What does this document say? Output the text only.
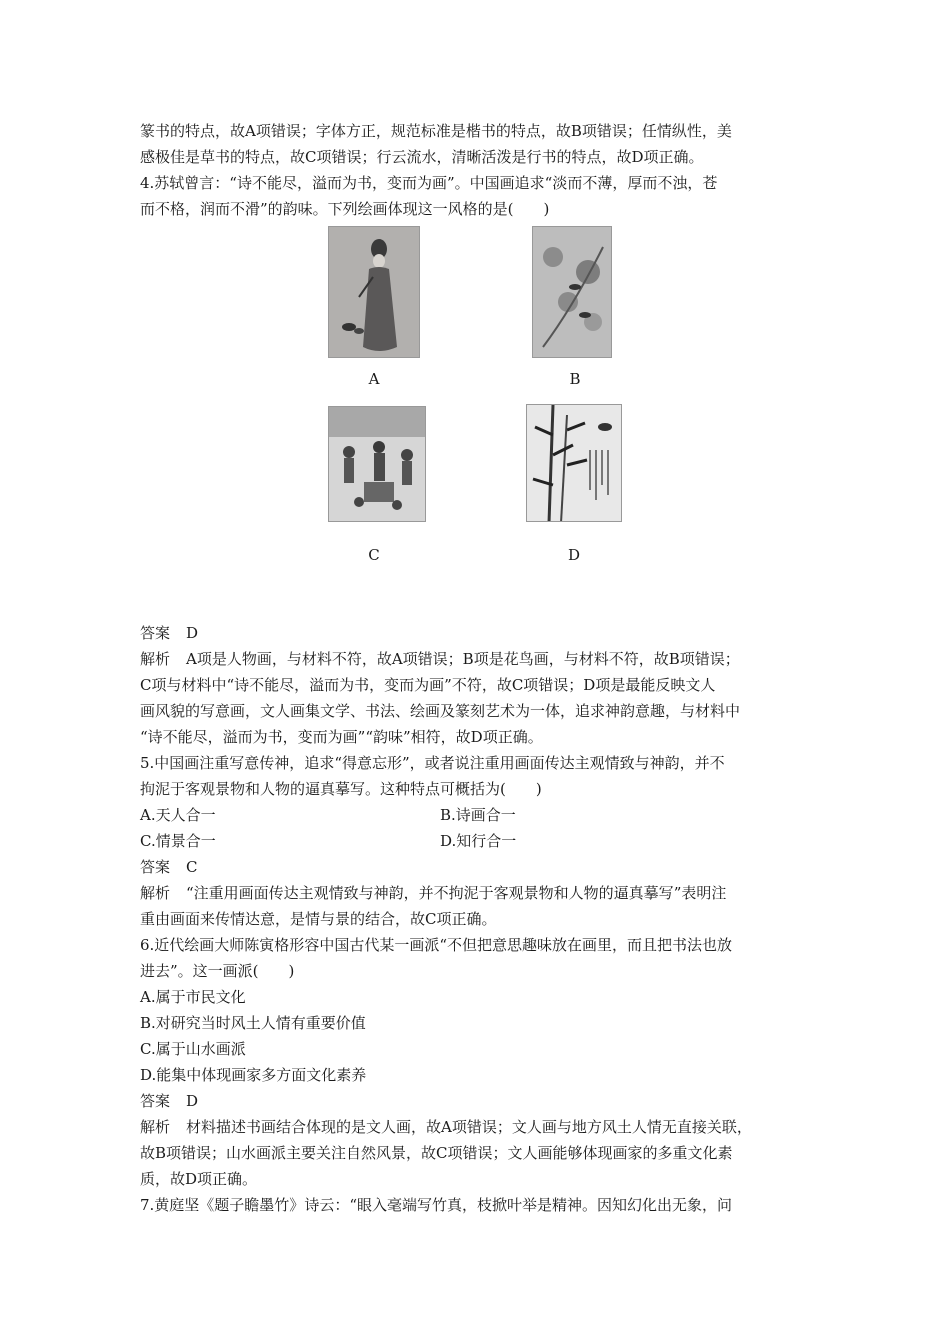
篆书的特点，故A项错误；字体方正，规范标准是楷书的特点，故B项错误；任情纵性，美
感极佳是草书的特点，故C项错误；行云流水，清晰活泼是行书的特点，故D项正确。
4.苏轼曾言：“诗不能尽，溢而为书，变而为画”。中国画追求“淡而不薄，厚而不浊，苍
而不格，润而不滑”的韵味。下列绘画体现这一风格的是(　　)
A	B
C	D
答案 D
解析 A项是人物画，与材料不符，故A项错误；B项是花鸟画，与材料不符，故B项错误；
C项与材料中“诗不能尽，溢而为书，变而为画”不符，故C项错误；D项是最能反映文人
画风貌的写意画，文人画集文学、书法、绘画及篆刻艺术为一体，追求神韵意趣，与材料中
“诗不能尽，溢而为书，变而为画”“韵味”相符，故D项正确。
5.中国画注重写意传神，追求“得意忘形”，或者说注重用画面传达主观情致与神韵，并不
拘泥于客观景物和人物的逼真摹写。这种特点可概括为(　　)
A.天人合一	B.诗画合一
C.情景合一	D.知行合一
答案 C
解析 “注重用画面传达主观情致与神韵，并不拘泥于客观景物和人物的逼真摹写”表明注
重由画面来传情达意，是情与景的结合，故C项正确。
6.近代绘画大师陈寅格形容中国古代某一画派“不但把意思趣味放在画里，而且把书法也放
进去”。这一画派(　　)
A.属于市民文化
B.对研究当时风土人情有重要价值
C.属于山水画派
D.能集中体现画家多方面文化素养
答案 D
解析 材料描述书画结合体现的是文人画，故A项错误；文人画与地方风土人情无直接关联，
故B项错误；山水画派主要关注自然风景，故C项错误；文人画能够体现画家的多重文化素
质，故D项正确。
7.黄庭坚《题子瞻墨竹》诗云：“眼入毫端写竹真，枝掀叶举是精神。因知幻化出无象，问
